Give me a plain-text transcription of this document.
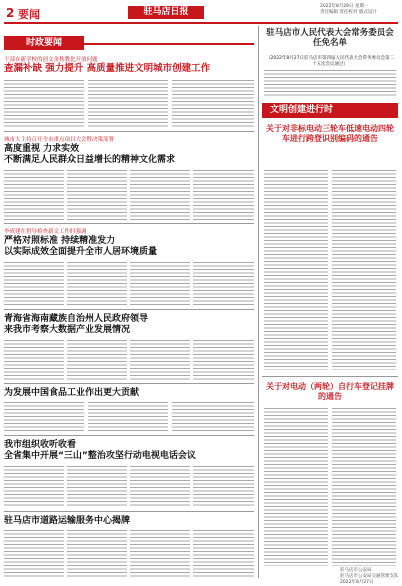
2 要闻	驻马店日报
2022年8月29日 星期一
责任编辑 责任校对 版式设计
时政要闻
干部在新学校的创文金秋教化开放问题
查漏补缺 强力提升 高质量推进文明城市创建工作
城市大主持召开全市重点项目大会暨决策部署
高度重视 力求实效
不断满足人民群众日益增长的精神文化需求
李成建在督导检查新文工作时强调
严格对照标准 持续精准发力
以实际成效全面提升全市人居环境质量
青海省海南藏族自治州人民政府领导
来我市考察大数据产业发展情况
为发展中国食品工业作出更大贡献
我市组织收听收看
全省集中开展“三山”整治攻坚行动电视电话会议
驻马店市道路运输服务中心揭牌
驻马店市人民代表大会常务委员会任免名单
（2022年8月27日驻马店市第四届人民代表大会常务委员会第二十五次会议通过）
文明创建进行时
关于对非标电动三轮车低速电动四轮车进行跨登识别编码的通告
关于对电动（两轮）自行车登记挂牌的通告
驻马店市公安局
驻马店市公安局交通管理支队
2022年8月27日
